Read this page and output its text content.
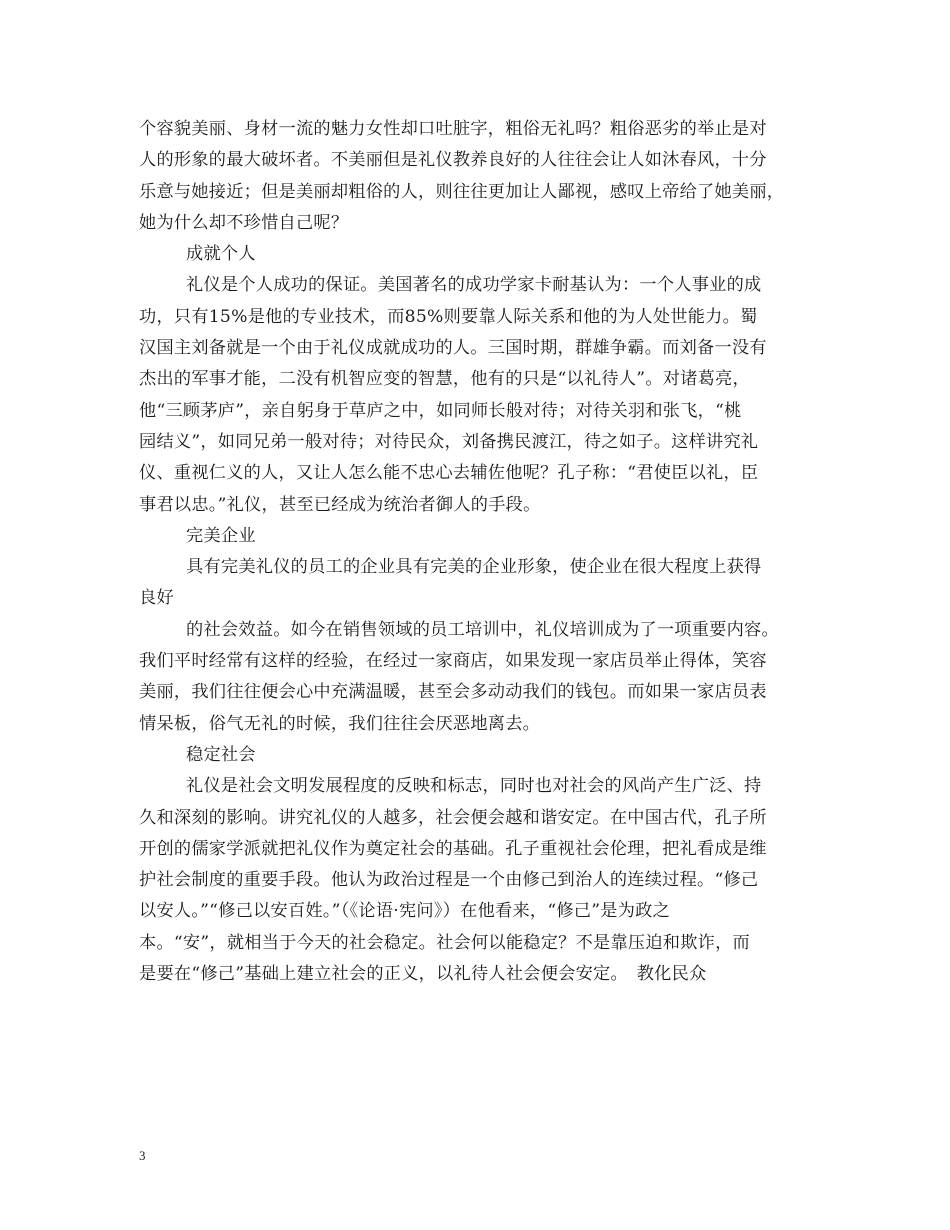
个容貌美丽、身材一流的魅力女性却口吐脏字，粗俗无礼吗？粗俗恶劣的举止是对
人的形象的最大破坏者。不美丽但是礼仪教养良好的人往往会让人如沐春风，十分
乐意与她接近；但是美丽却粗俗的人，则往往更加让人鄙视，感叹上帝给了她美丽，
她为什么却不珍惜自己呢？
成就个人
礼仪是个人成功的保证。美国著名的成功学家卡耐基认为：一个人事业的成
功，只有15%是他的专业技术，而85%则要靠人际关系和他的为人处世能力。蜀
汉国主刘备就是一个由于礼仪成就成功的人。三国时期，群雄争霸。而刘备一没有
杰出的军事才能，二没有机智应变的智慧，他有的只是“以礼待人”。对诸葛亮，
他“三顾茅庐”，亲自躬身于草庐之中，如同师长般对待；对待关羽和张飞，“桃
园结义”，如同兄弟一般对待；对待民众，刘备携民渡江，待之如子。这样讲究礼
仪、重视仁义的人，又让人怎么能不忠心去辅佐他呢？孔子称：“君使臣以礼，臣
事君以忠。”礼仪，甚至已经成为统治者御人的手段。
完美企业
具有完美礼仪的员工的企业具有完美的企业形象，使企业在很大程度上获得
良好
的社会效益。如今在销售领域的员工培训中，礼仪培训成为了一项重要内容。
我们平时经常有这样的经验，在经过一家商店，如果发现一家店员举止得体，笑容
美丽，我们往往便会心中充满温暖，甚至会多动动我们的钱包。而如果一家店员表
情呆板，俗气无礼的时候，我们往往会厌恶地离去。
稳定社会
礼仪是社会文明发展程度的反映和标志，同时也对社会的风尚产生广泛、持
久和深刻的影响。讲究礼仪的人越多，社会便会越和谐安定。在中国古代，孔子所
开创的儒家学派就把礼仪作为奠定社会的基础。孔子重视社会伦理，把礼看成是维
护社会制度的重要手段。他认为政治过程是一个由修己到治人的连续过程。“修己
以安人。”“修己以安百姓。”（《论语·宪问》）在他看来，“修己”是为政之
本。“安”，就相当于今天的社会稳定。社会何以能稳定？不是靠压迫和欺诈，而
是要在“修己”基础上建立社会的正义，以礼待人社会便会安定。　教化民众
3
